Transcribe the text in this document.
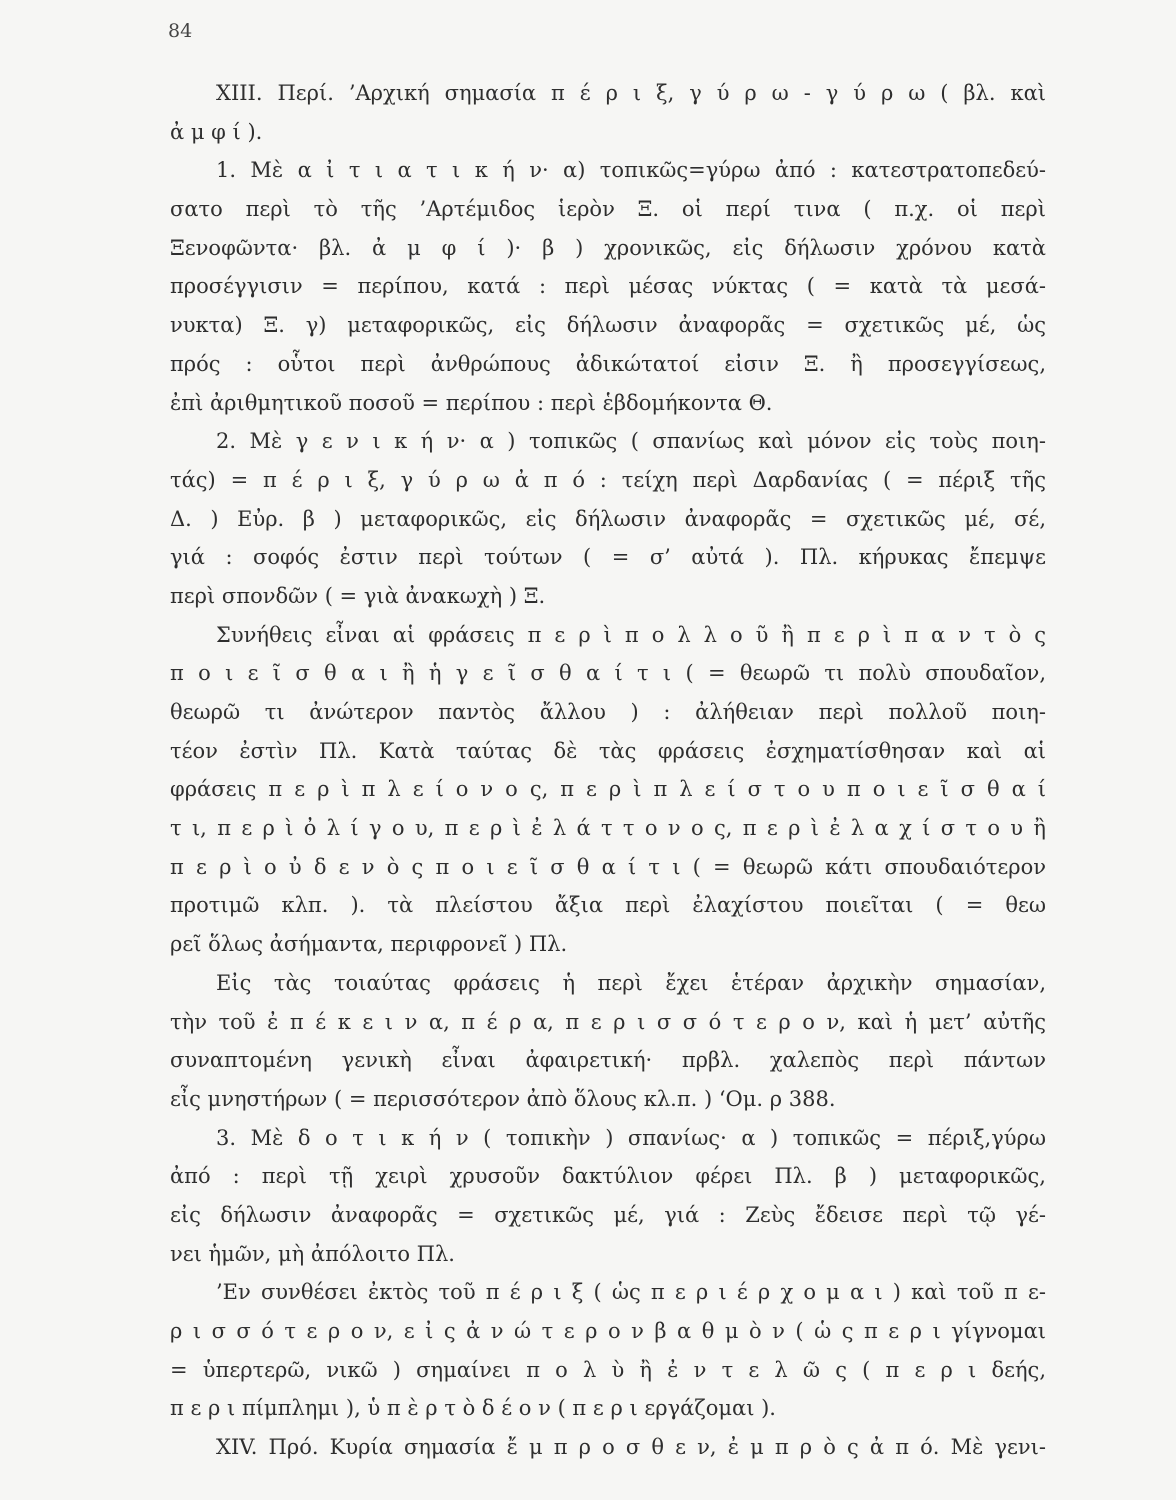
84
XIII. Περί. ’Αρχική σημασία π έ ρ ι ξ, γ ύ ρ ω - γ ύ ρ ω ( βλ. καὶ
ἀ μ φ ί ).
1. Μὲ α ἰ τ ι α τ ι κ ή ν· α) τοπικῶς=γύρω ἀπό : κατεστρατοπεδεύ-
σατο περὶ τὸ τῆς ’Αρτέμιδος ἱερὸν Ξ. οἱ περί τινα ( π.χ. οἱ περὶ
Ξενοφῶντα· βλ. ἀ μ φ ί )· β ) χρονικῶς, εἰς δήλωσιν χρόνου κατὰ
προσέγγισιν = περίπου, κατά : περὶ μέσας νύκτας ( = κατὰ τὰ μεσά-
νυκτα) Ξ. γ) μεταφορικῶς, εἰς δήλωσιν ἀναφορᾶς = σχετικῶς μέ, ὡς
πρός : οὗτοι περὶ ἀνθρώπους ἀδικώτατοί εἰσιν Ξ. ἢ προσεγγίσεως,
ἐπὶ ἀριθμητικοῦ ποσοῦ = περίπου : περὶ ἑβδομήκοντα Θ.
2. Μὲ γ ε ν ι κ ή ν· α ) τοπικῶς ( σπανίως καὶ μόνον εἰς τοὺς ποιη-
τάς) = π έ ρ ι ξ, γ ύ ρ ω ἀ π ό : τείχη περὶ Δαρδανίας ( = πέριξ τῆς
Δ. ) Εὐρ. β ) μεταφορικῶς, εἰς δήλωσιν ἀναφορᾶς = σχετικῶς μέ, σέ,
γιά : σοφός ἐστιν περὶ τούτων ( = σ’ αὐτά ). Πλ. κήρυκας ἔπεμψε
περὶ σπονδῶν ( = γιὰ ἀνακωχὴ ) Ξ.
Συνήθεις εἶναι αἱ φράσεις π ε ρ ὶ π ο λ λ ο ῦ ἢ π ε ρ ὶ π α ν τ ὸ ς
π ο ι ε ῖ σ θ α ι ἢ ἡ γ ε ῖ σ θ α ί τ ι ( = θεωρῶ τι πολὺ σπουδαῖον,
θεωρῶ τι ἀνώτερον παντὸς ἄλλου ) : ἀλήθειαν περὶ πολλοῦ ποιη-
τέον ἐστὶν Πλ. Κατὰ ταύτας δὲ τὰς φράσεις ἐσχηματίσθησαν καὶ αἱ
φράσεις π ε ρ ὶ π λ ε ί ο ν ο ς, π ε ρ ὶ π λ ε ί σ τ ο υ π ο ι ε ῖ σ θ α ί
τ ι, π ε ρ ὶ ὀ λ ί γ ο υ, π ε ρ ὶ ἐ λ ά τ τ ο ν ο ς, π ε ρ ὶ ἐ λ α χ ί σ τ ο υ ἢ
π ε ρ ὶ ο ὐ δ ε ν ὸ ς π ο ι ε ῖ σ θ α ί τ ι ( = θεωρῶ κάτι σπουδαιότερον
προτιμῶ κλπ. ). τὰ πλείστου ἄξια περὶ ἐλαχίστου ποιεῖται ( = θεω
ρεῖ ὅλως ἀσήμαντα, περιφρονεῖ ) Πλ.
Εἰς τὰς τοιαύτας φράσεις ἡ περὶ ἔχει ἑτέραν ἀρχικὴν σημασίαν,
τὴν τοῦ ἐ π έ κ ε ι ν α, π έ ρ α, π ε ρ ι σ σ ό τ ε ρ ο ν, καὶ ἡ μετ’ αὐτῆς
συναπτομένη γενικὴ εἶναι ἀφαιρετική· πρβλ. χαλεπὸς περὶ πάντων
εἶς μνηστήρων ( = περισσότερον ἀπὸ ὅλους κλ.π. ) ‘Ομ. ρ 388.
3. Μὲ δ ο τ ι κ ή ν ( τοπικὴν ) σπανίως· α ) τοπικῶς = πέριξ,γύρω
ἀπό : περὶ τῇ χειρὶ χρυσοῦν δακτύλιον φέρει Πλ. β ) μεταφορικῶς,
εἰς δήλωσιν ἀναφορᾶς = σχετικῶς μέ, γιά : Ζεὺς ἔδεισε περὶ τῷ γέ-
νει ἡμῶν, μὴ ἀπόλοιτο Πλ.
’Εν συνθέσει ἐκτὸς τοῦ π έ ρ ι ξ ( ὡς π ε ρ ι έ ρ χ ο μ α ι ) καὶ τοῦ π ε-
ρ ι σ σ ό τ ε ρ ο ν, ε ἰ ς ἀ ν ώ τ ε ρ ο ν β α θ μ ὸ ν ( ὡ ς π ε ρ ι γίγνομαι
= ὑπερτερῶ, νικῶ ) σημαίνει π ο λ ὺ ἢ ἐ ν τ ε λ ῶ ς ( π ε ρ ι δεής,
π ε ρ ι πίμπλημι ), ὑ π ὲ ρ τ ὸ δ έ ο ν ( π ε ρ ι εργάζομαι ).
XIV. Πρό. Κυρία σημασία ἔ μ π ρ ο σ θ ε ν, ἐ μ π ρ ὸ ς ἀ π ό. Μὲ γενι-
